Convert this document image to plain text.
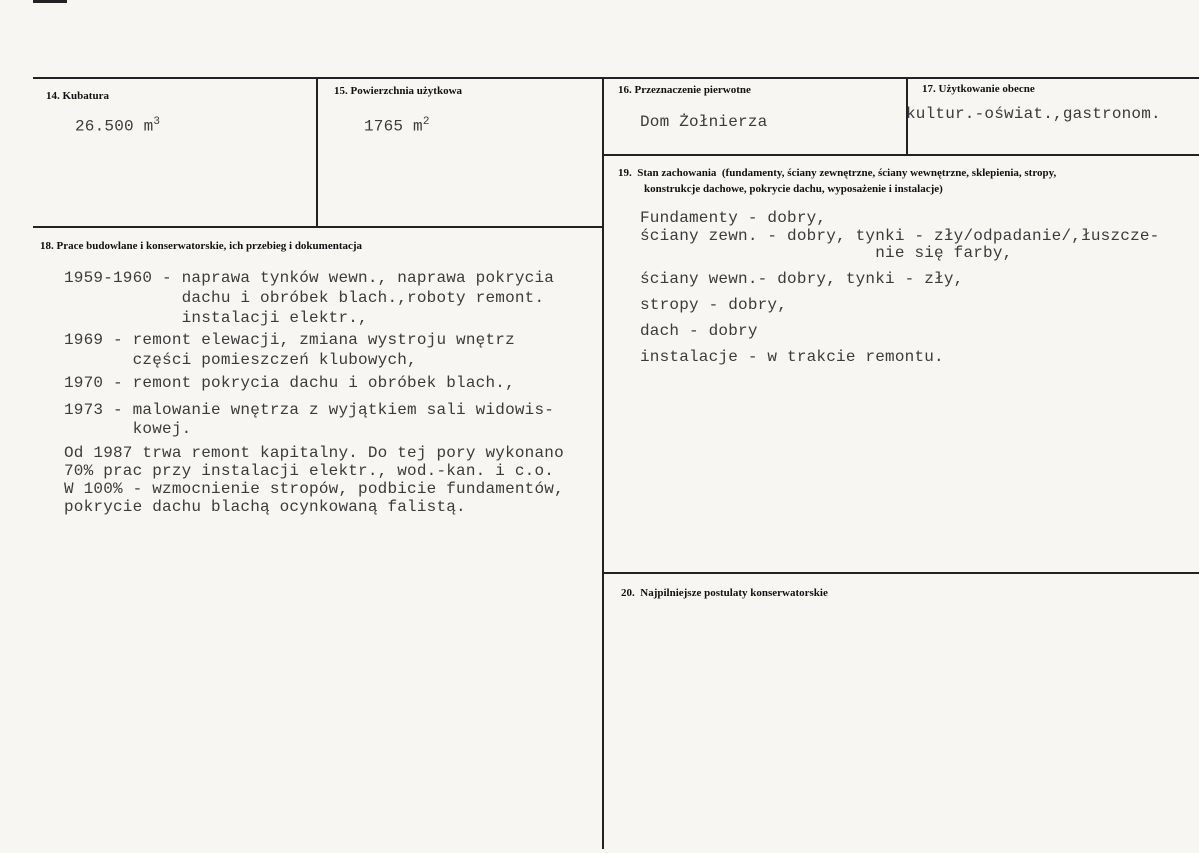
14. Kubatura
26.500 $m^3$
15. Powierzchnia użytkowa
1765 $m^2$
16. Przeznaczenie pierwotne
Dom Żołnierza
17. Użytkowanie obecne
kultur.-oświat.,gastronom.
18. Prace budowlane i konserwatorskie, ich przebieg i dokumentacja
1959-1960 - naprawa tynków wewn., naprawa pokrycia
dachu i obróbek blach.,roboty remont.
instalacji elektr.,
1969 - remont elewacji, zmiana wystroju wnętrz
części pomieszczeń klubowych,
1970 - remont pokrycia dachu i obróbek blach.,
1973 - malowanie wnętrza z wyjątkiem sali widowis-
kowej.
Od 1987 trwa remont kapitalny. Do tej pory wykonano
70% prac przy instalacji elektr., wod.-kan. i c.o.
W 100% - wzmocnienie stropów, podbicie fundamentów,
pokrycie dachu blachą ocynkowaną falistą.
19.  Stan zachowania  (fundamenty, ściany zewnętrzne, ściany wewnętrzne, sklepienia, stropy,
konstrukcje dachowe, pokrycie dachu, wyposażenie i instalacje)
Fundamenty - dobry,
ściany zewn. - dobry, tynki - zły/odpadanie/,łuszcze-
nie się farby,
ściany wewn.- dobry, tynki - zły,
stropy - dobry,
dach - dobry
instalacje - w trakcie remontu.
20.  Najpilniejsze postulaty konserwatorskie
